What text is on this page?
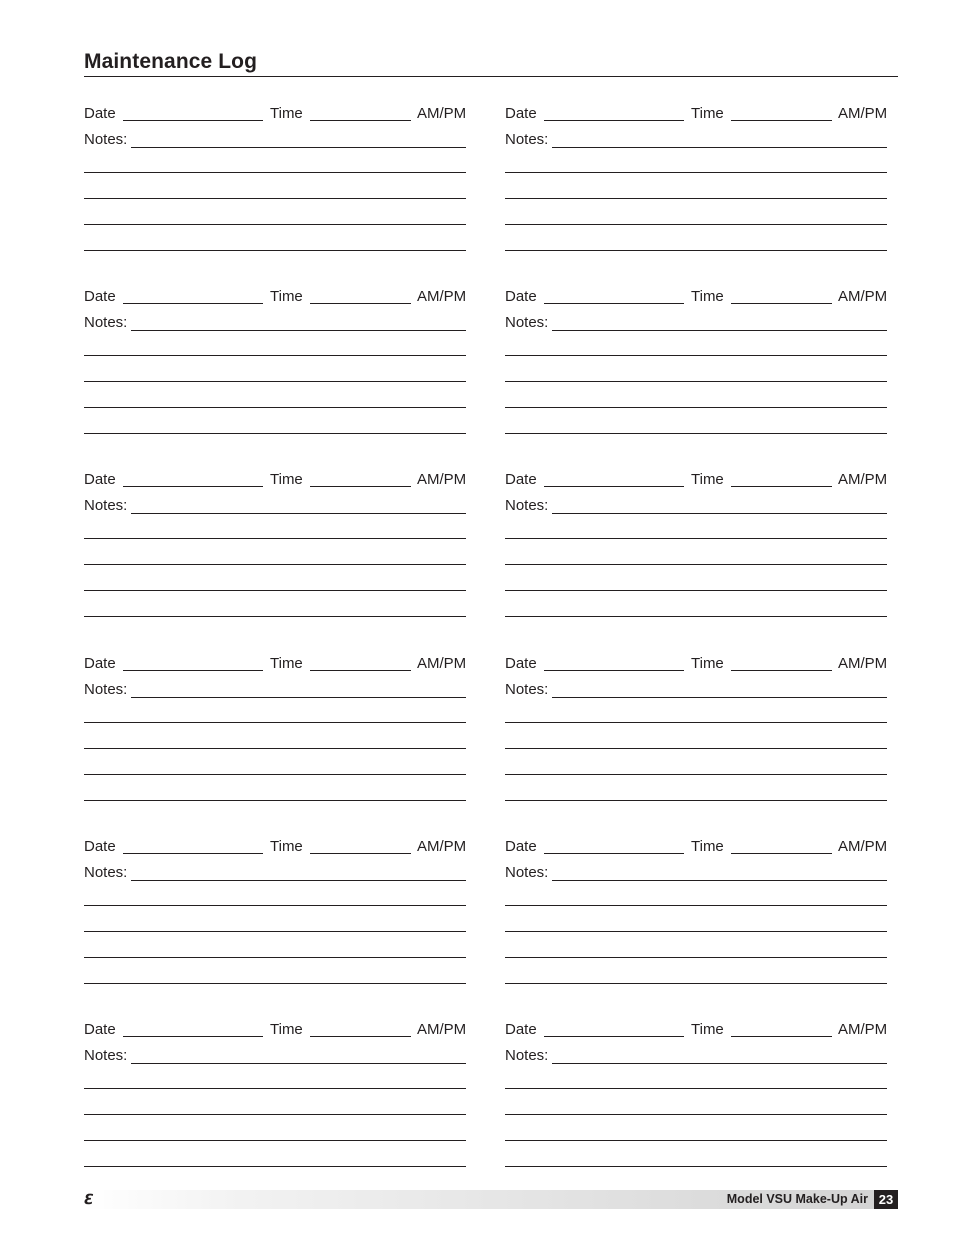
Maintenance Log
Date	Time	AM/PM
Notes:
Date	Time	AM/PM
Notes:
Date	Time	AM/PM
Notes:
Date	Time	AM/PM
Notes:
Date	Time	AM/PM
Notes:
Date	Time	AM/PM
Notes:
Date	Time	AM/PM
Notes:
Date	Time	AM/PM
Notes:
Date	Time	AM/PM
Notes:
Date	Time	AM/PM
Notes:
Date	Time	AM/PM
Notes:
Date	Time	AM/PM
Notes:
ℇ	Model VSU Make-Up Air 23
